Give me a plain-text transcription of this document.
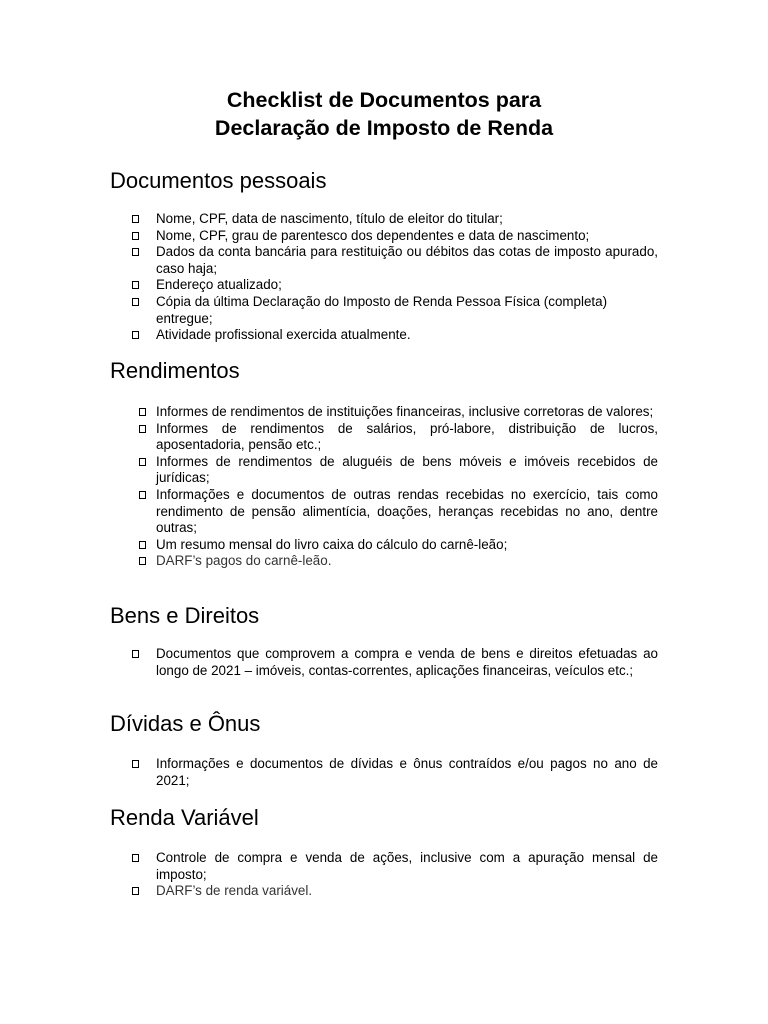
Checklist de Documentos para
Declaração de Imposto de Renda
Documentos pessoais
Nome, CPF, data de nascimento, título de eleitor do titular;
Nome, CPF, grau de parentesco dos dependentes e data de nascimento;
Dados da conta bancária para restituição ou débitos das cotas de imposto apurado, caso haja;
Endereço atualizado;
Cópia da última Declaração do Imposto de Renda Pessoa Física (completa) entregue;
Atividade profissional exercida atualmente.
Rendimentos
Informes de rendimentos de instituições financeiras, inclusive corretoras de valores;
Informes de rendimentos de salários, pró-labore, distribuição de lucros, aposentadoria, pensão etc.;
Informes de rendimentos de aluguéis de bens móveis e imóveis recebidos de jurídicas;
Informações e documentos de outras rendas recebidas no exercício, tais como rendimento de pensão alimentícia, doações, heranças recebidas no ano, dentre outras;
Um resumo mensal do livro caixa do cálculo do carnê-leão;
DARF’s pagos do carnê-leão.
Bens e Direitos
Documentos que comprovem a compra e venda de bens e direitos efetuadas ao longo de 2021 – imóveis, contas-correntes, aplicações financeiras, veículos etc.;
Dívidas e Ônus
Informações e documentos de dívidas e ônus contraídos e/ou pagos no ano de 2021;
Renda Variável
Controle de compra e venda de ações, inclusive com a apuração mensal de imposto;
DARF’s de renda variável.
